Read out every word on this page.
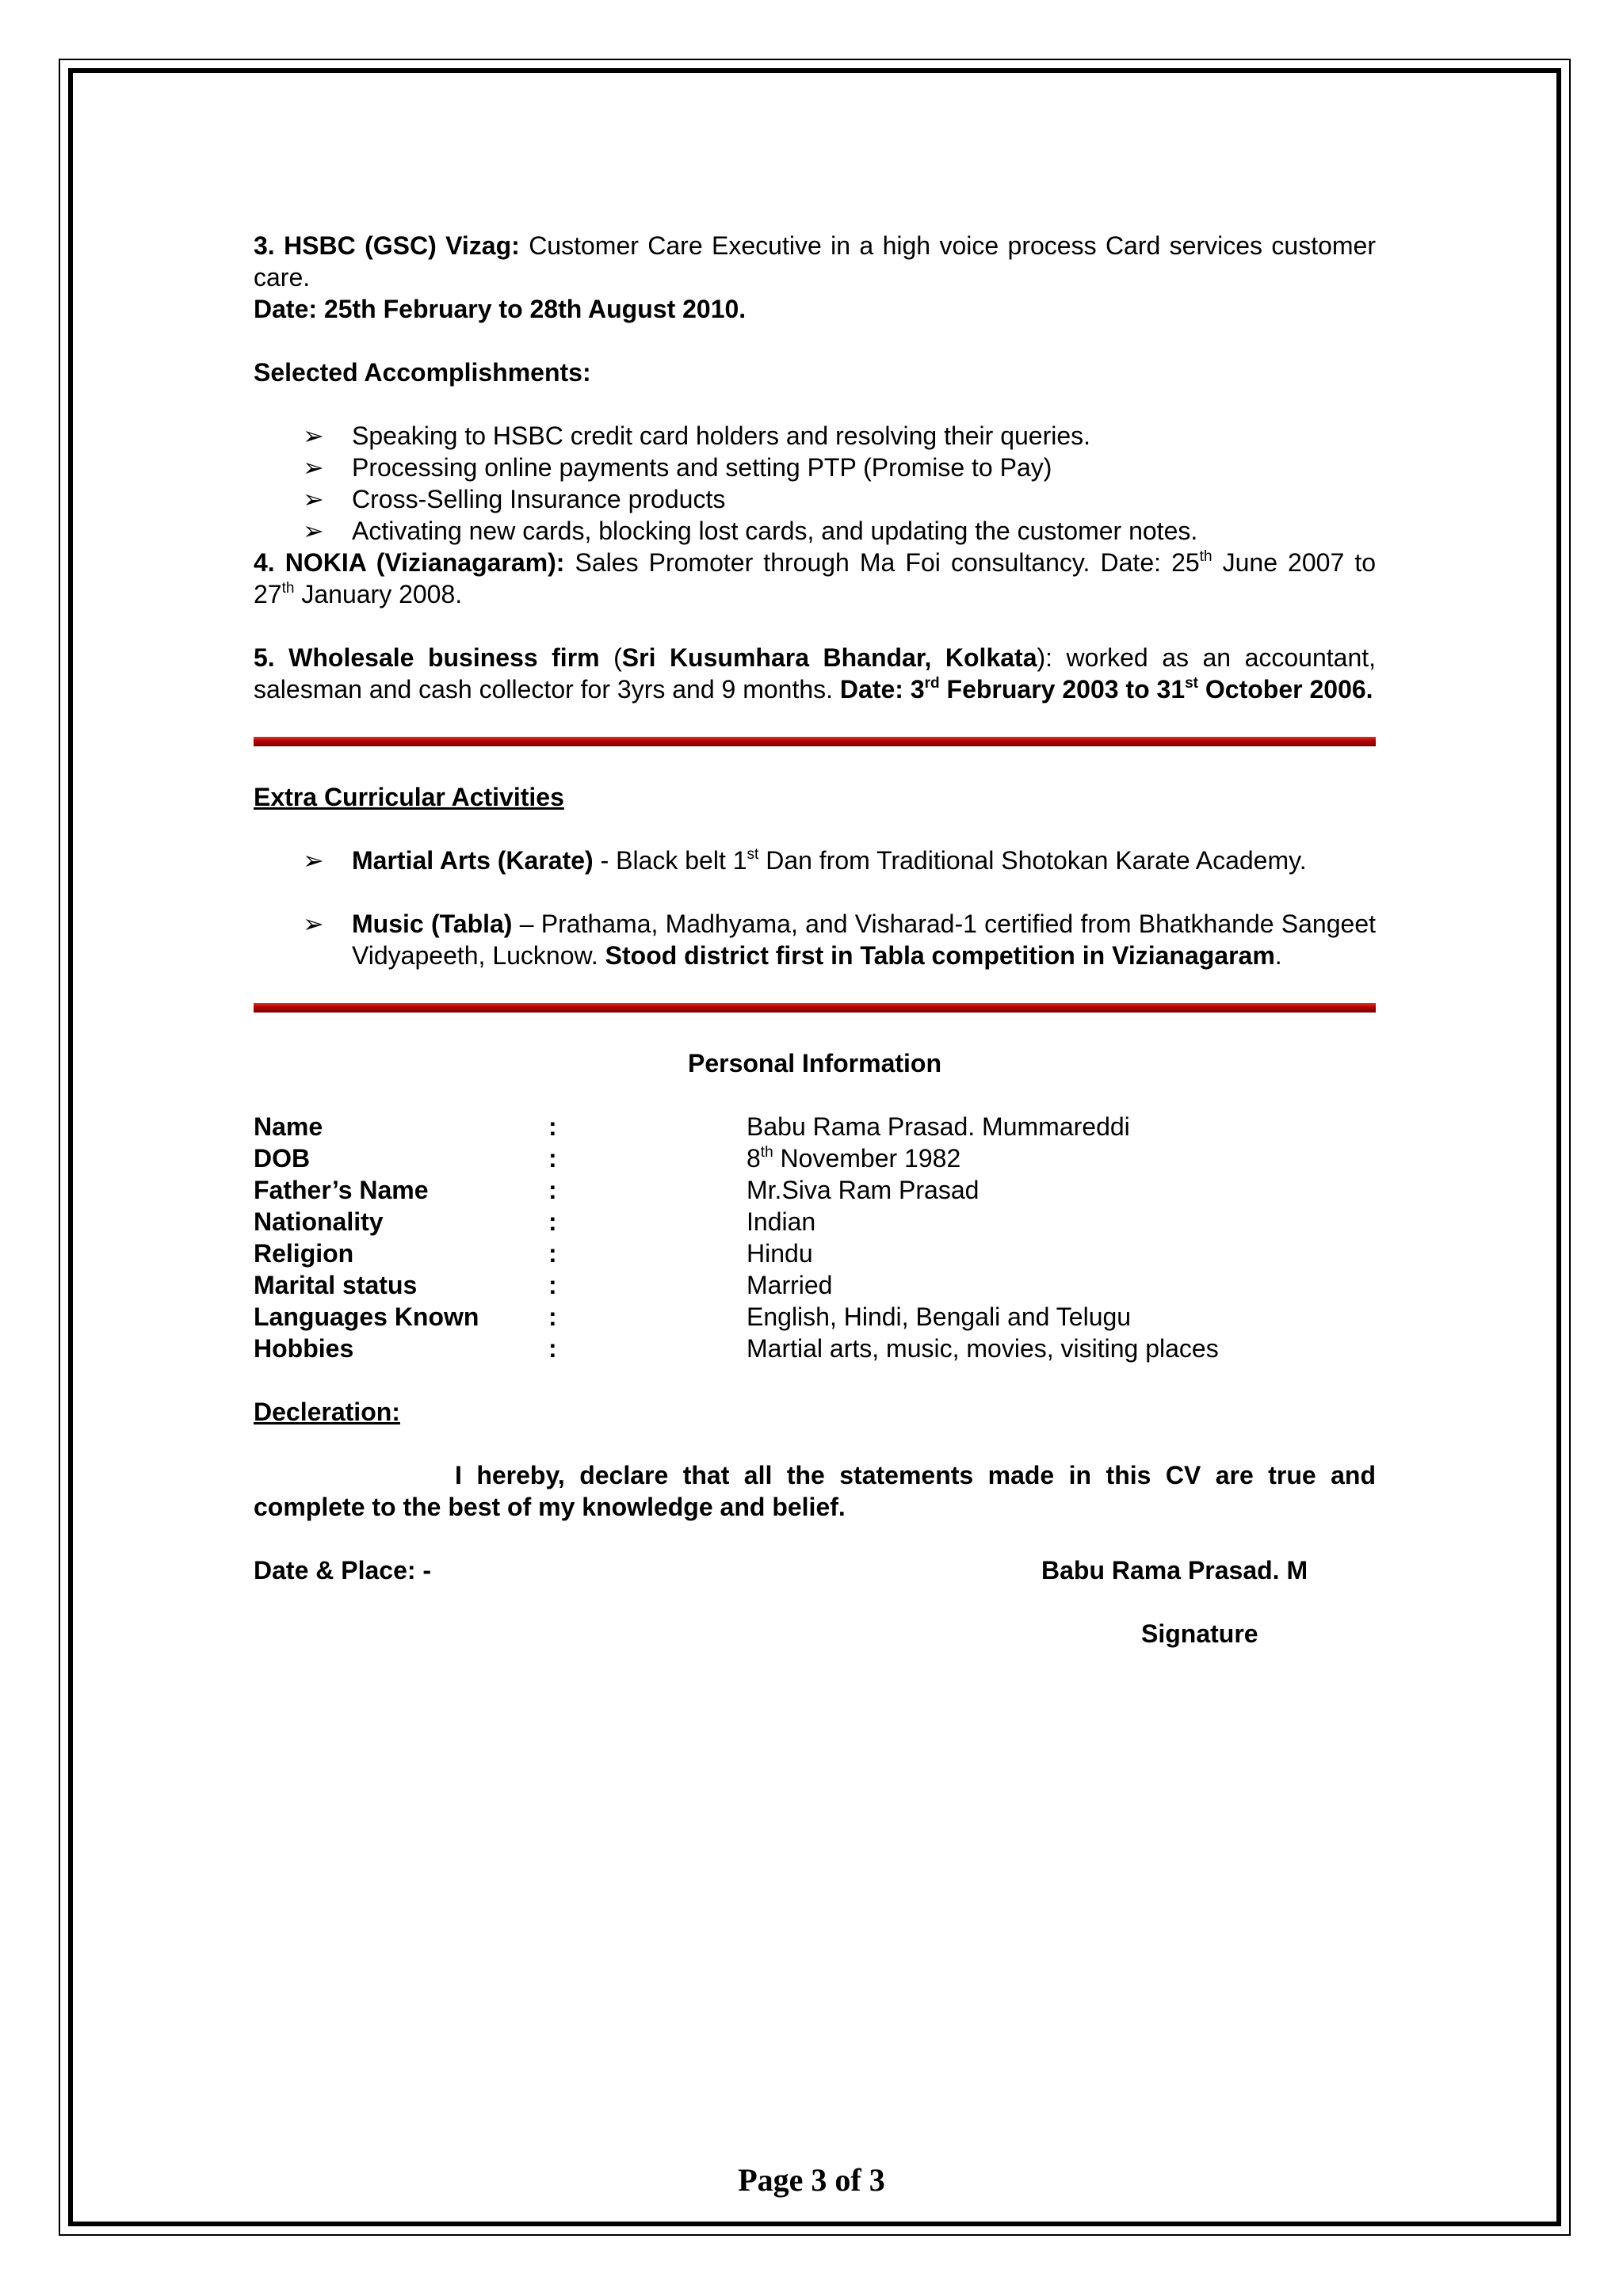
3. HSBC (GSC) Vizag: Customer Care Executive in a high voice process Card services customer care.

Date: 25th February to 28th August 2010.

Selected Accomplishments:

➢ Speaking to HSBC credit card holders and resolving their queries.
➢ Processing online payments and setting PTP (Promise to Pay)
➢ Cross-Selling Insurance products
➢ Activating new cards, blocking lost cards, and updating the customer notes.

4. NOKIA (Vizianagaram): Sales Promoter through Ma Foi consultancy. Date: 25th June 2007 to 27th January 2008.

5. Wholesale business firm (Sri Kusumhara Bhandar, Kolkata): worked as an accountant, salesman and cash collector for 3yrs and 9 months. Date: 3rd February 2003 to 31st October 2006.

Extra Curricular Activities

➢ Martial Arts (Karate) - Black belt 1st Dan from Traditional Shotokan Karate Academy.
➢ Music (Tabla) – Prathama, Madhyama, and Visharad-1 certified from Bhatkhande Sangeet Vidyapeeth, Lucknow. Stood district first in Tabla competition in Vizianagaram.

Personal Information

Name	:	Babu Rama Prasad. Mummareddi
DOB	:	8th November 1982
Father’s Name	:	Mr.Siva Ram Prasad
Nationality	:	Indian
Religion	:	Hindu
Marital status	:	Married
Languages Known	:	English, Hindi, Bengali and Telugu
Hobbies	:	Martial arts, music, movies, visiting places

Decleration:

I hereby, declare that all the statements made in this CV are true and complete to the best of my knowledge and belief.

Date & Place: -	Babu Rama Prasad. M
Signature
Page 3 of 3
